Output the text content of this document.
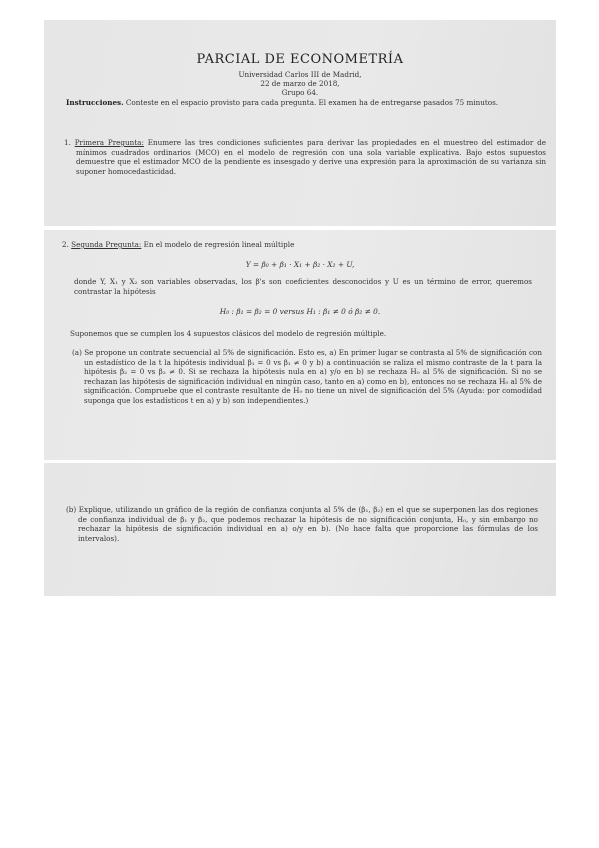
PARCIAL DE ECONOMETRÍA
Universidad Carlos III de Madrid,
22 de marzo de 2018,
Grupo 64.
Instrucciones. Conteste en el espacio provisto para cada pregunta. El examen ha de entregarse pasados 75 minutos.
1. Primera Pregunta: Enumere las tres condiciones suficientes para derivar las propiedades en el muestreo del estimador de mínimos cuadrados ordinarios (MCO) en el modelo de regresión con una sola variable explicativa. Bajo estos supuestos demuestre que el estimador MCO de la pendiente es insesgado y derive una expresión para la aproximación de su varianza sin suponer homocedasticidad.
2. Segunda Pregunta: En el modelo de regresión lineal múltiple
Y = β₀ + β₁ · X₁ + β₂ · X₂ + U,
donde Y, X₁ y X₂ son variables observadas, los β's son coeficientes desconocidos y U es un término de error, queremos contrastar la hipótesis
H₀ : β₁ = β₂ = 0 versus H₁ : β₁ ≠ 0 ó β₂ ≠ 0.
Suponemos que se cumplen los 4 supuestos clásicos del modelo de regresión múltiple.
(a) Se propone un contrate secuencial al 5% de significación. Esto es, a) En primer lugar se contrasta al 5% de significación con un estadístico de la t la hipótesis individual β₁ = 0 vs β₁ ≠ 0 y b) a continuación se raliza el mismo contraste de la t para la hipótesis β₂ = 0 vs β₂ ≠ 0. Si se rechaza la hipótesis nula en a) y/o en b) se rechaza H₀ al 5% de significación. Si no se rechazan las hipótesis de significación individual en ningún caso, tanto en a) como en b), entonces no se rechaza H₀ al 5% de significación. Compruebe que el contraste resultante de H₀ no tiene un nivel de significación del 5% (Ayuda: por comodidad suponga que los estadísticos t en a) y b) son independientes.)
(b) Explique, utilizando un gráfico de la región de confianza conjunta al 5% de (β₁, β₂) en el que se superponen las dos regiones de confianza individual de β₁ y β₂, que podemos rechazar la hipótesis de no significación conjunta, H₀, y sin embargo no rechazar la hipótesis de significación individual en a) o/y en b). (No hace falta que proporcione las fórmulas de los intervalos).
